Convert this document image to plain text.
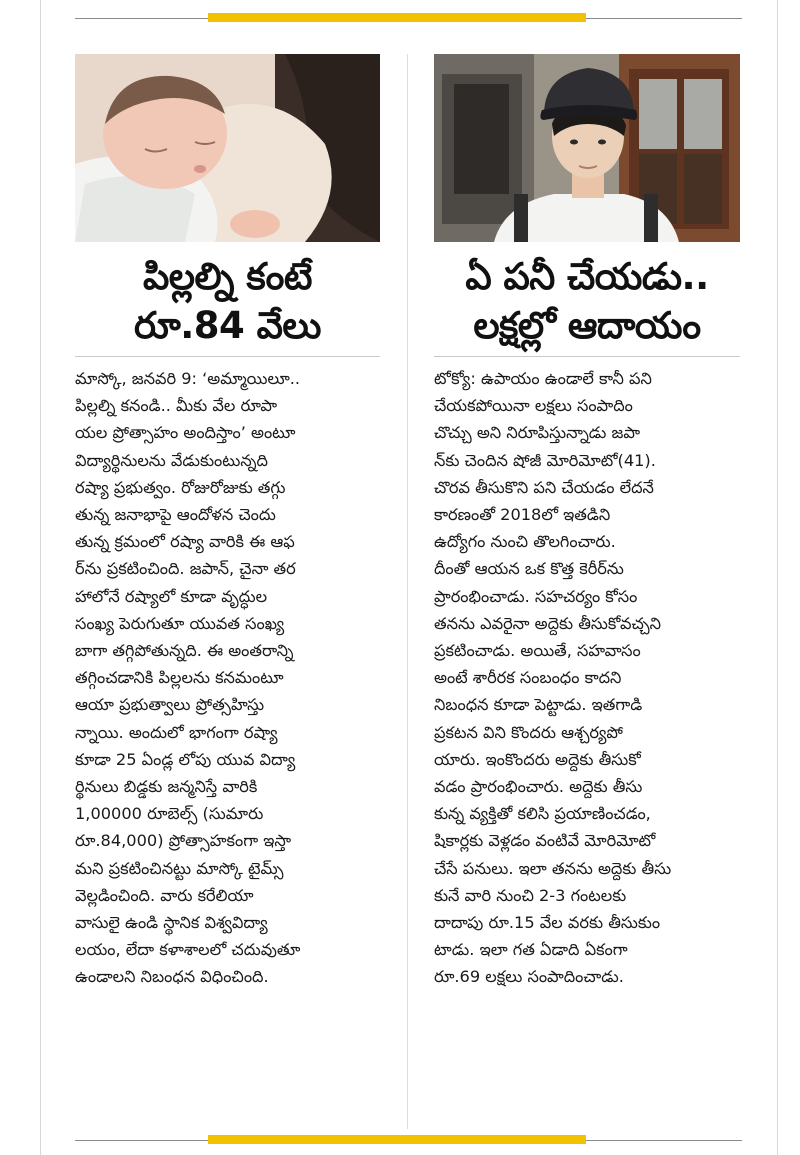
పిల్లల్ని కంటే
రూ.84 వేలు
మాస్కో, జనవరి 9: ‘అమ్మాయిలూ..
పిల్లల్ని కనండి.. మీకు వేల రూపా
యల ప్రోత్సాహం అందిస్తాం’ అంటూ
విద్యార్థినులను వేడుకుంటున్నది
రష్యా ప్రభుత్వం. రోజురోజుకు తగ్గు
తున్న జనాభాపై ఆందోళన చెందు
తున్న క్రమంలో రష్యా వారికి ఈ ఆఫ
ర్‌ను ప్రకటించింది. జపాన్, చైనా తర
హాలోనే రష్యాలో కూడా వృద్ధుల
సంఖ్య పెరుగుతూ యువత సంఖ్య
బాగా తగ్గిపోతున్నది. ఈ అంతరాన్ని
తగ్గించడానికి పిల్లలను కనమంటూ
ఆయా ప్రభుత్వాలు ప్రోత్సహిస్తు
న్నాయి. అందులో భాగంగా రష్యా
కూడా 25 ఏండ్ల లోపు యువ విద్యా
ర్థినులు బిడ్డకు జన్మనిస్తే వారికి
1,00000 రూబెల్స్ (సుమారు
రూ.84,000) ప్రోత్సాహకంగా ఇస్తా
మని ప్రకటించినట్టు మాస్కో టైమ్స్
వెల్లడించింది. వారు కరేలియా
వాసులై ఉండి స్థానిక విశ్వవిద్యా
లయం, లేదా కళాశాలలో చదువుతూ
ఉండాలని నిబంధన విధించింది.
ఏ పనీ చేయడు..
లక్షల్లో ఆదాయం
టోక్యో: ఉపాయం ఉండాలే కానీ పని
చేయకపోయినా లక్షలు సంపాదిం
చొచ్చు అని నిరూపిస్తున్నాడు జపా
న్‌కు చెందిన షోజీ మోరిమోటో(41).
చొరవ తీసుకొని పని చేయడం లేదనే
కారణంతో 2018లో ఇతడిని
ఉద్యోగం నుంచి తొలగించారు.
దీంతో ఆయన ఒక కొత్త కెరీర్‌ను
ప్రారంభించాడు. సహచర్యం కోసం
తనను ఎవరైనా అద్దెకు తీసుకోవచ్చని
ప్రకటించాడు. అయితే, సహవాసం
అంటే శారీరక సంబంధం కాదని
నిబంధన కూడా పెట్టాడు. ఇతగాడి
ప్రకటన విని కొందరు ఆశ్చర్యపో
యారు. ఇంకొందరు అద్దెకు తీసుకో
వడం ప్రారంభించారు. అద్దెకు తీసు
కున్న వ్యక్తితో కలిసి ప్రయాణించడం,
షికార్లకు వెళ్లడం వంటివే మోరిమోటో
చేసే పనులు. ఇలా తనను అద్దెకు తీసు
కునే వారి నుంచి 2-3 గంటలకు
దాదాపు రూ.15 వేల వరకు తీసుకుం
టాడు. ఇలా గత ఏడాది ఏకంగా
రూ.69 లక్షలు సంపాదించాడు.
